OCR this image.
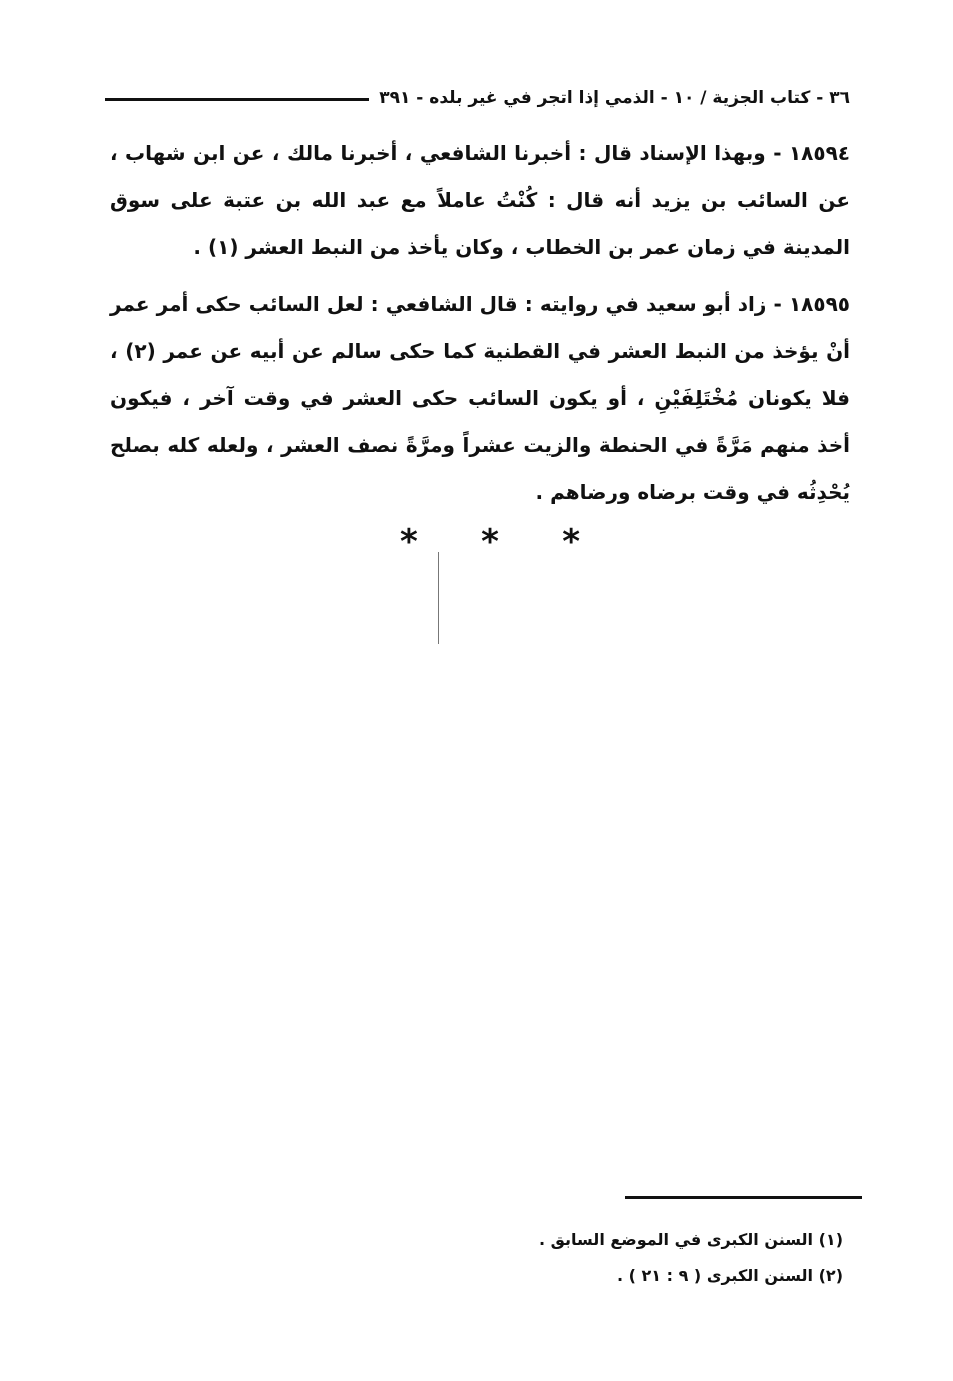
٣٦ - كتاب الجزية / ١٠ - الذمي إذا اتجر في غير بلده - ٣٩١

١٨٥٩٤ - وبهذا الإسناد قال : أخبرنا الشافعي ، أخبرنا مالك ، عن ابن شهاب ، عن السائب بن يزيد أنه قال : كُنْتُ عاملاً مع عبد الله بن عتبة على سوق المدينة في زمان عمر بن الخطاب ، وكان يأخذ من النبط العشر (١) .

١٨٥٩٥ - زاد أبو سعيد في روايته : قال الشافعي : لعل السائب حكى أمر عمر أنْ يؤخذ من النبط العشر في القطنية كما حكى سالم عن أبيه عن عمر (٢) ، فلا يكونان مُخْتَلِفَيْنِ ، أو يكون السائب حكى العشر في وقت آخر ، فيكون أخذ منهم مَرَّةً في الحنطة والزيت عشراً ومرَّةً نصف العشر ، ولعله كله بصلح يُحْدِثُه في وقت برضاه ورضاهم .

* * *
(١) السنن الكبرى في الموضع السابق .
(٢) السنن الكبرى ( ٩ : ٢١ ) .
